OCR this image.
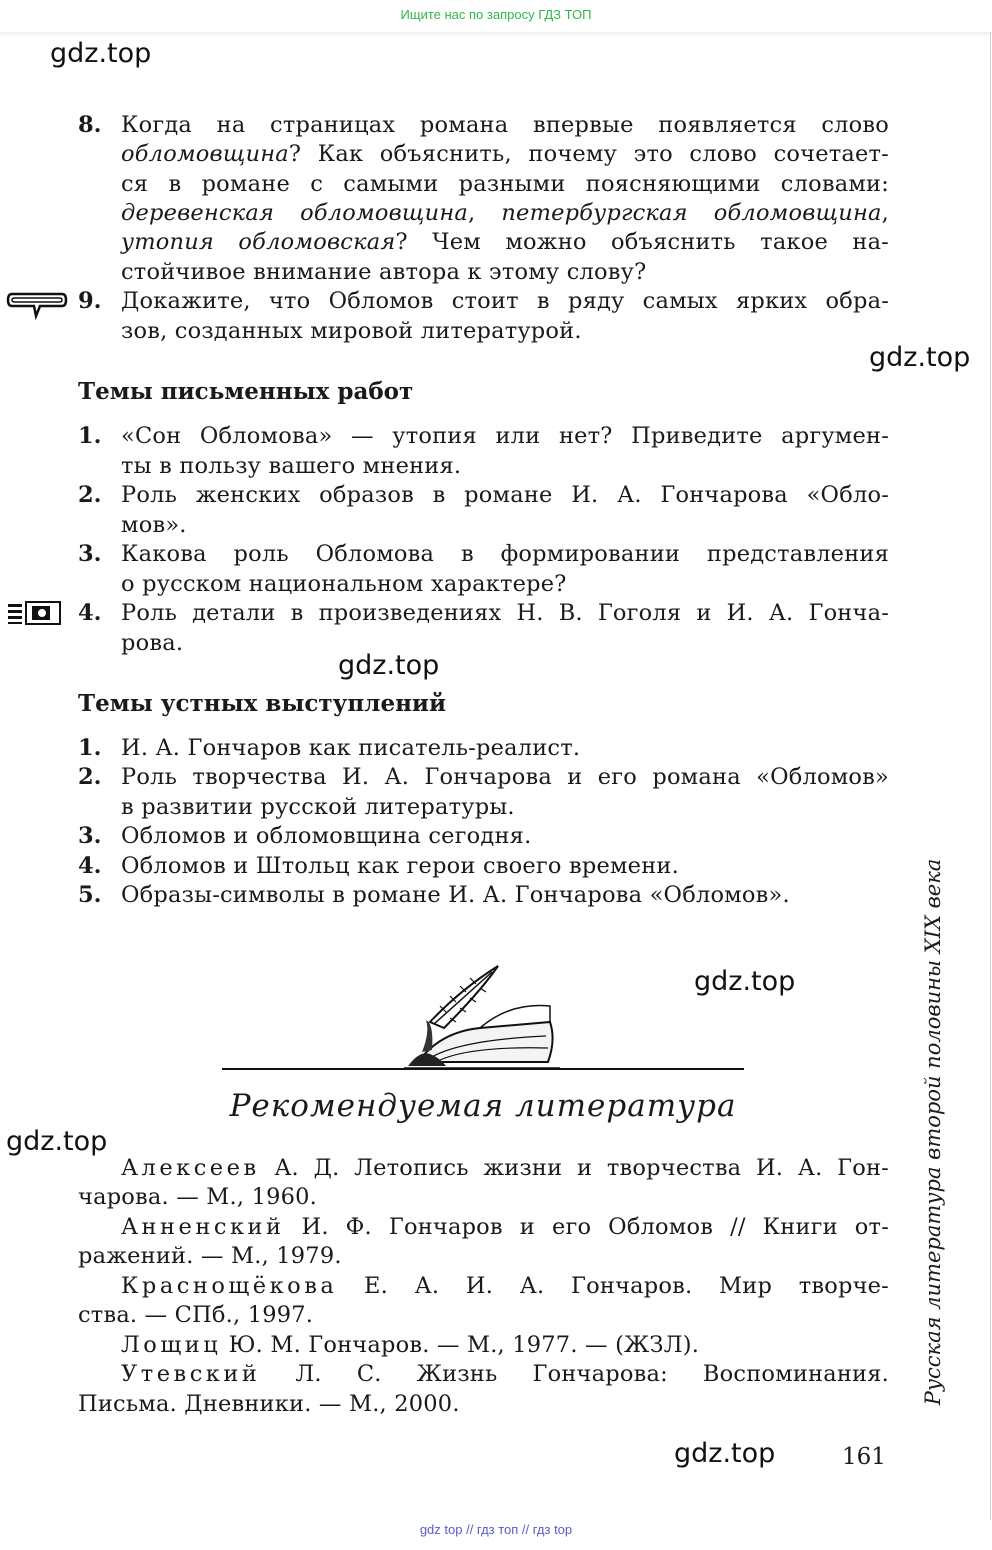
Ищите нас по запросу ГДЗ ТОП
gdz.top
gdz.top
gdz.top
gdz.top
gdz.top
gdz.top
8. Когда на страницах романа впервые появляется слово
обломовщина? Как объяснить, почему это слово сочетает-
ся в романе с самыми разными поясняющими словами:
деревенская обломовщина, петербургская обломовщина,
утопия обломовская? Чем можно объяснить такое на-
стойчивое внимание автора к этому слову?
9. Докажите, что Обломов стоит в ряду самых ярких обра-
зов, созданных мировой литературой.
Темы письменных работ
1. «Сон Обломова» — утопия или нет? Приведите аргумен-
ты в пользу вашего мнения.
2. Роль женских образов в романе И. А. Гончарова «Обло-
мов».
3. Какова роль Обломова в формировании представления
о русском национальном характере?
4. Роль детали в произведениях Н. В. Гоголя и И. А. Гонча-
рова.
Темы устных выступлений
1. И. А. Гончаров как писатель-реалист.
2. Роль творчества И. А. Гончарова и его романа «Обломов»
в развитии русской литературы.
3. Обломов и обломовщина сегодня.
4. Обломов и Штольц как герои своего времени.
5. Образы-символы в романе И. А. Гончарова «Обломов».
Рекомендуемая литература
Алексеев А. Д. Летопись жизни и творчества И. А. Гон-
чарова. — М., 1960.
Анненский И. Ф. Гончаров и его Обломов // Книги от-
ражений. — М., 1979.
Краснощёкова Е. А. И. А. Гончаров. Мир творче-
ства. — СПб., 1997.
Лощиц Ю. М. Гончаров. — М., 1977. — (ЖЗЛ).
Утевский Л. С. Жизнь Гончарова: Воспоминания.
Письма. Дневники. — М., 2000.	Русская литература второй половины XIX века
161
gdz top // гдз топ // гдз top
